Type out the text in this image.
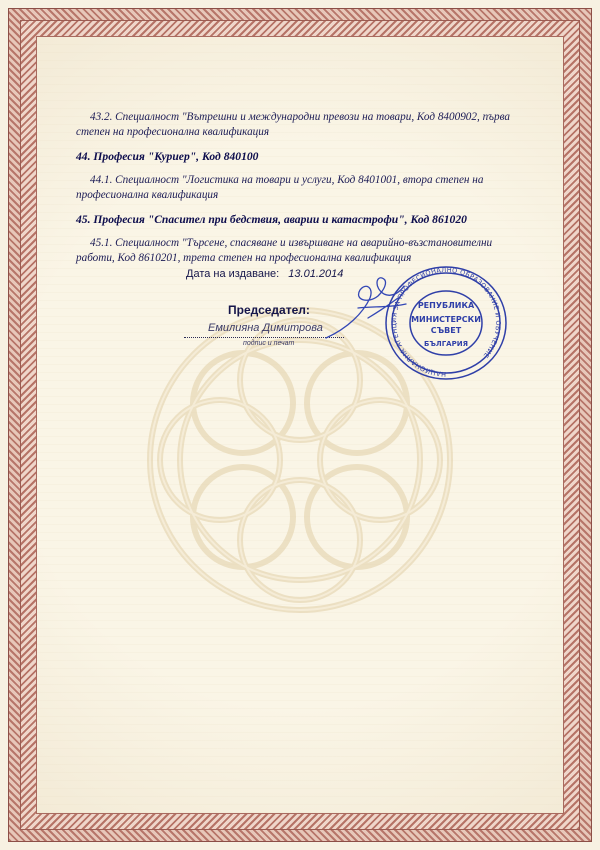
43.2. Специалност "Вътрешни и международни превози на товари, Код 8400902, първа степен на професионална квалификация

44. Професия "Куриер", Код 840100

44.1. Специалност "Логистика на товари и услуги, Код 8401001, втора степен на професионална квалификация

45. Професия "Спасител при бедствия, аварии и катастрофи", Код 861020

45.1. Специалност "Търсене, спасяване и извършване на аварийно-възстановителни работи, Код 8610201, трета степен на професионална квалификация

Дата на издаване: 13.01.2014
Председател:
Емилияна Димитрова
подпис и печат
НАЦИОНАЛНА АГЕНЦИЯ ЗА ПРОФЕСИОНАЛНО ОБРАЗОВАНИЕ И ОБУЧЕНИЕ
РЕПУБЛИКА
МИНИСТЕРСКИ
СЪВЕТ
БЪЛГАРИЯ
